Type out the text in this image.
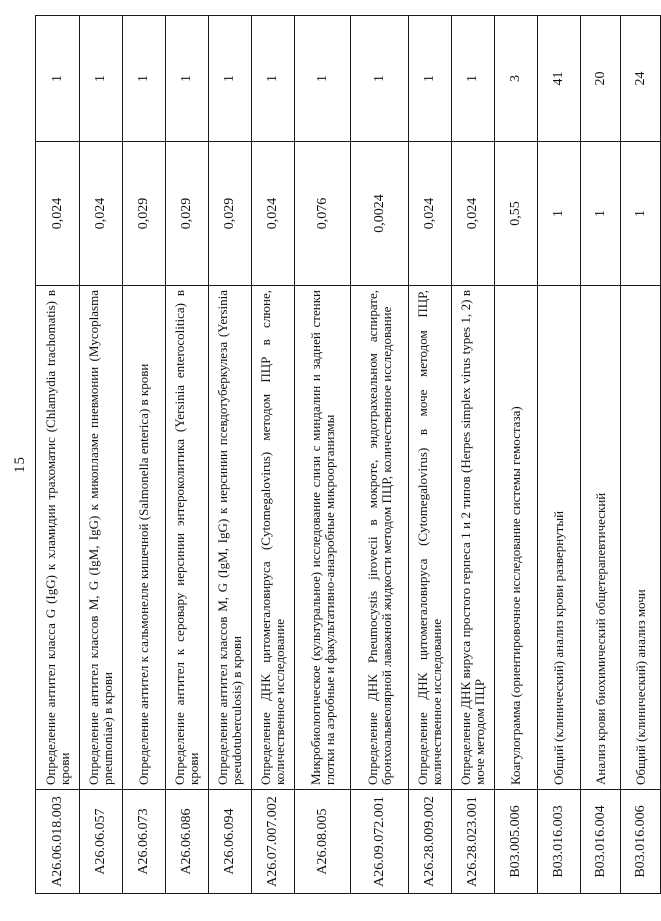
15
A26.06.018.003	Определение антител класса G (IgG) к хламидии трахоматис (Chlamydia trachomatis) в крови	0,024	1
A26.06.057	Определение антител классов M, G (IgM, IgG) к микоплазме пневмонии (Mycoplasma pneumoniae) в крови	0,024	1
A26.06.073	Определение антител к сальмонелле кишечной (Salmonella enterica) в крови	0,029	1
A26.06.086	Определение антител к серовару иерсинии энтероколитика (Yersinia enterocolitica) в крови	0,029	1
A26.06.094	Определение антител классов M, G (IgM, IgG) к иерсинии псевдотуберкулеза (Yersinia pseudotuberculosis) в крови	0,029	1
A26.07.007.002	Определение ДНК цитомегаловируса (Cytomegalovirus) методом ПЦР в слюне, количественное исследование	0,024	1
A26.08.005	Микробиологическое (культуральное) исследование слизи с миндалин и задней стенки глотки на аэробные и факультативно-анаэробные микроорганизмы	0,076	1
A26.09.072.001	Определение ДНК Pneumocystis jirovecii в мокроте, эндотрахеальном аспирате, бронхоальвеолярной лаважной жидкости методом ПЦР, количественное исследование	0,0024	1
A26.28.009.002	Определение ДНК цитомегаловируса (Cytomegalovirus) в моче методом ПЦР, количественное исследование	0,024	1
A26.28.023.001	Определение ДНК вируса простого герпеса 1 и 2 типов (Herpes simplex virus types 1, 2) в моче методом ПЦР	0,024	1
B03.005.006	Коагулограмма (ориентировочное исследование системы гемостаза)	0,55	3
B03.016.003	Общий (клинический) анализ крови развернутый	1	41
B03.016.004	Анализ крови биохимический общетерапевтический	1	20
B03.016.006	Общий (клинический) анализ мочи	1	24
